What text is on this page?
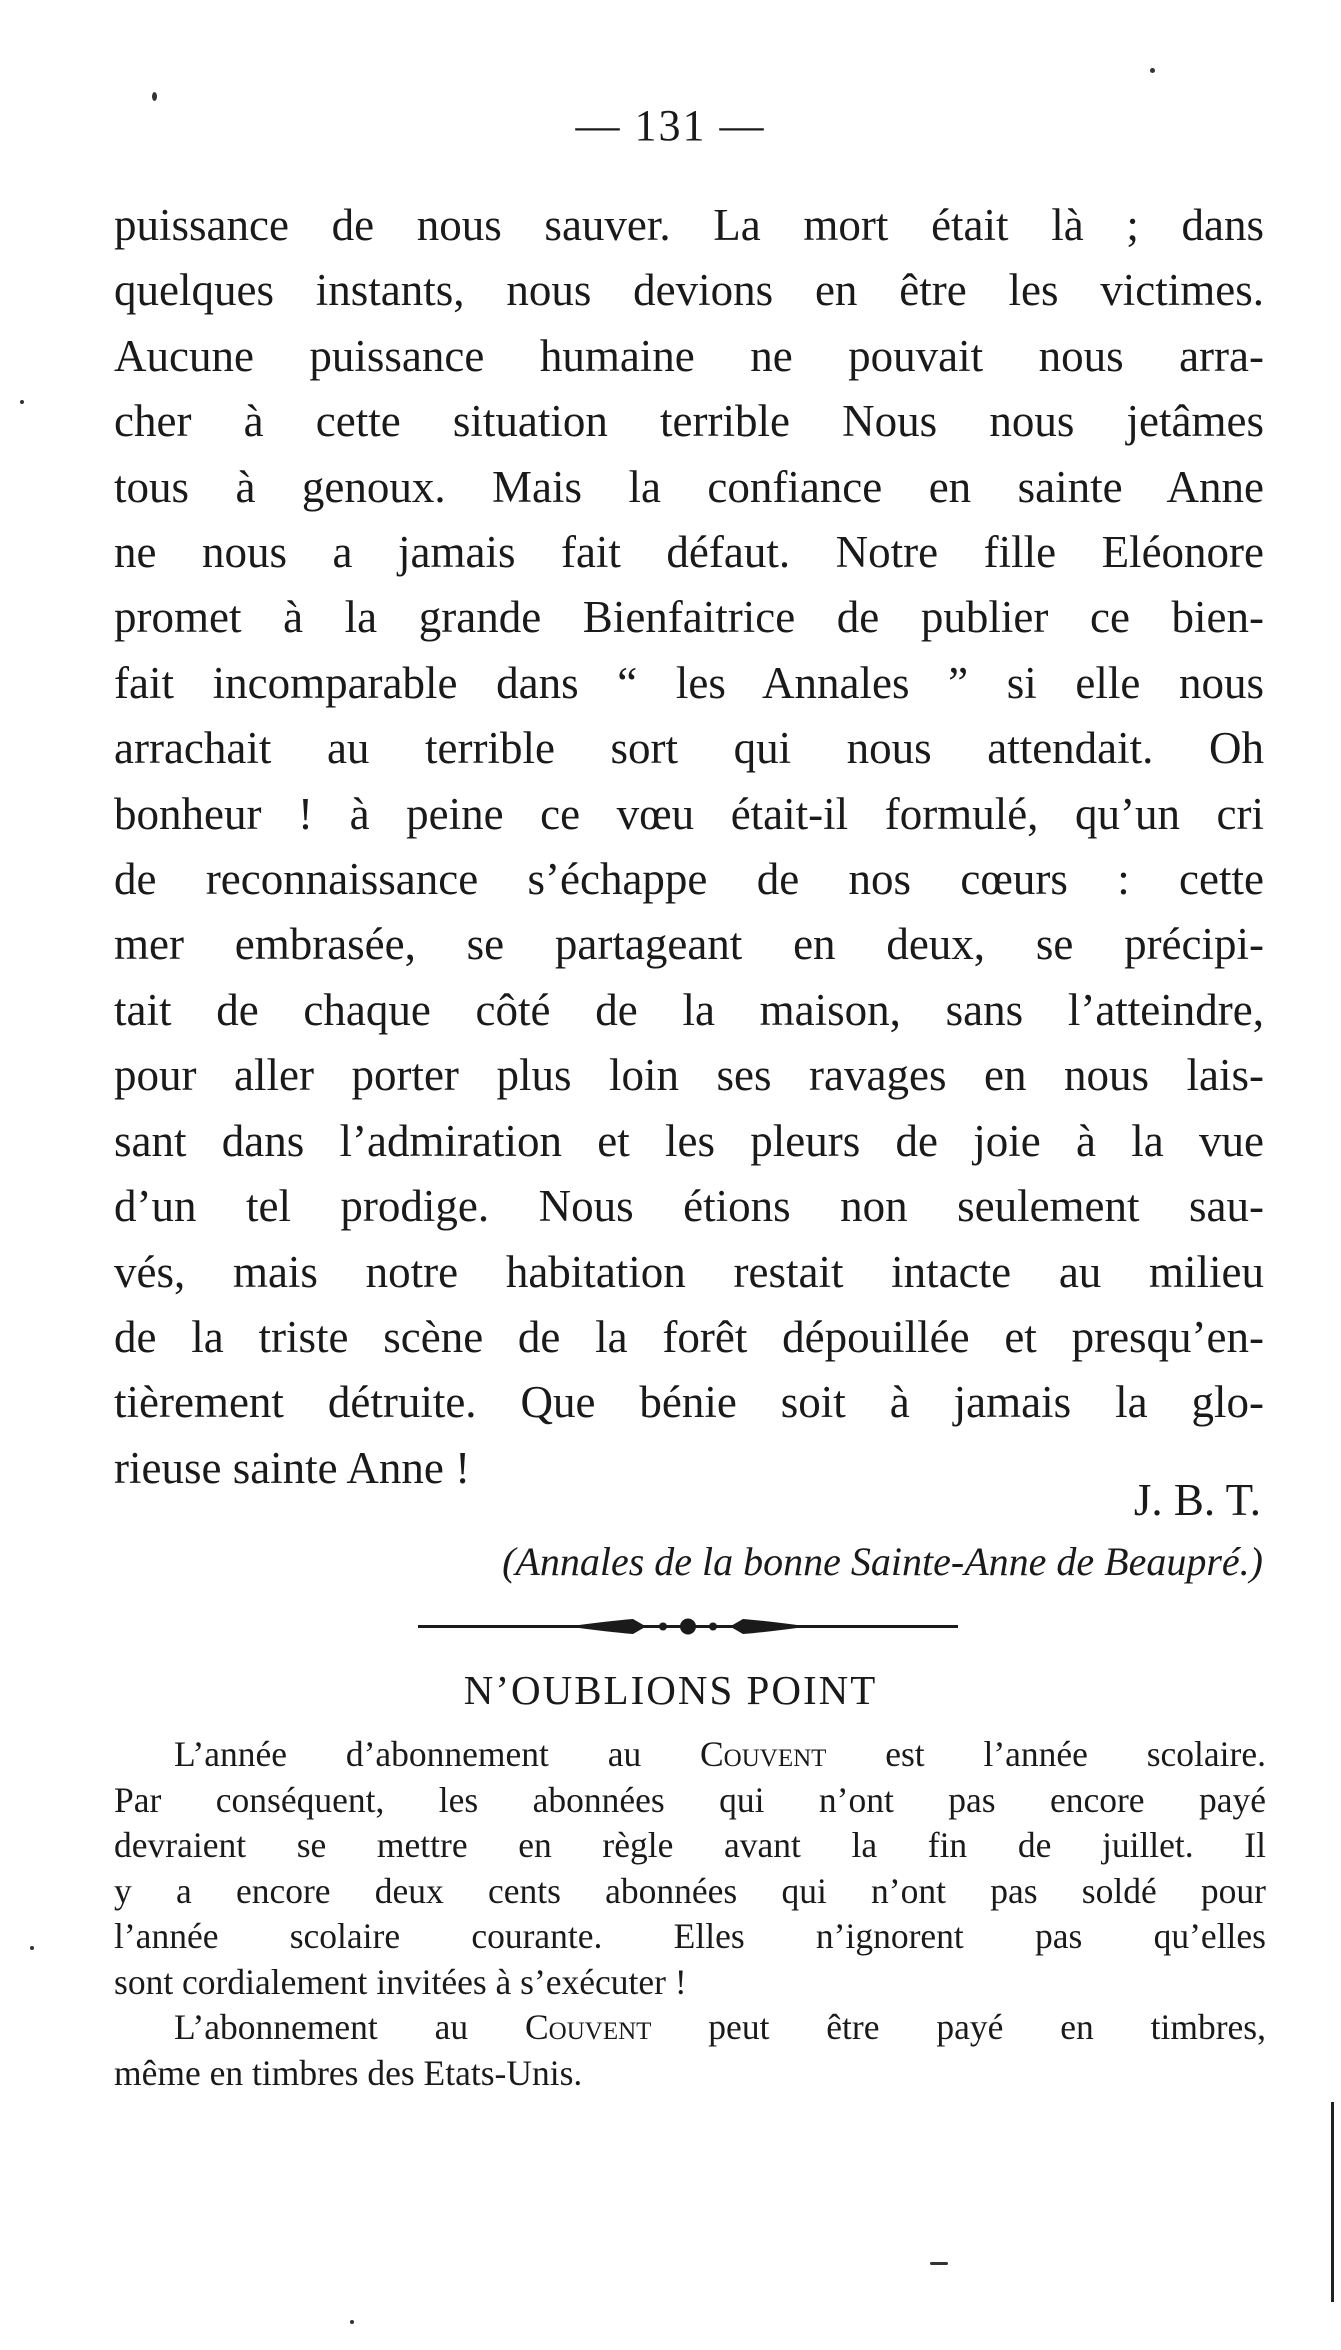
— 131 —
puissance de nous sauver. La mort était là ; dans
quelques instants, nous devions en être les victimes.
Aucune puissance humaine ne pouvait nous arra-
cher à cette situation terrible Nous nous jetâmes
tous à genoux. Mais la confiance en sainte Anne
ne nous a jamais fait défaut. Notre fille Eléonore
promet à la grande Bienfaitrice de publier ce bien-
fait incomparable dans “ les Annales ” si elle nous
arrachait au terrible sort qui nous attendait. Oh
bonheur ! à peine ce vœu était-il formulé, qu’un cri
de reconnaissance s’échappe de nos cœurs : cette
mer embrasée, se partageant en deux, se précipi-
tait de chaque côté de la maison, sans l’atteindre,
pour aller porter plus loin ses ravages en nous lais-
sant dans l’admiration et les pleurs de joie à la vue
d’un tel prodige. Nous étions non seulement sau-
vés, mais notre habitation restait intacte au milieu
de la triste scène de la forêt dépouillée et presqu’en-
tièrement détruite. Que bénie soit à jamais la glo-
rieuse sainte Anne !
J. B. T.
(Annales de la bonne Sainte-Anne de Beaupré.)
N’OUBLIONS POINT
L’année d’abonnement au Couvent est l’année scolaire.
Par conséquent, les abonnées qui n’ont pas encore payé
devraient se mettre en règle avant la fin de juillet. Il
y a encore deux cents abonnées qui n’ont pas soldé pour
l’année scolaire courante. Elles n’ignorent pas qu’elles
sont cordialement invitées à s’exécuter !
L’abonnement au Couvent peut être payé en timbres,
même en timbres des Etats-Unis.
